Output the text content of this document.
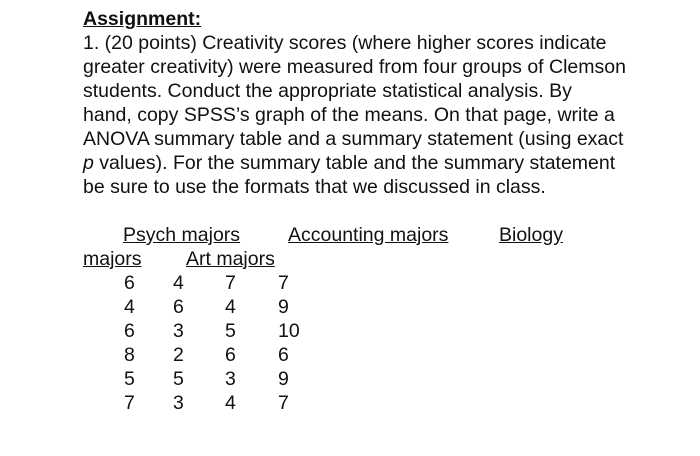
Assignment:
1. (20 points) Creativity scores (where higher scores indicate
greater creativity) were measured from four groups of Clemson
students. Conduct the appropriate statistical analysis. By
hand, copy SPSS’s graph of the means. On that page, write a
ANOVA summary table and a summary statement (using exact
p values). For the summary table and the summary statement
be sure to use the formats that we discussed in class.
Psych majors Accounting majors	Biology
majors Art majors
6 4 7 7
4 6 4 9
6 3 5 10
8 2 6 6
5 5 3 9
7 3 4 7
